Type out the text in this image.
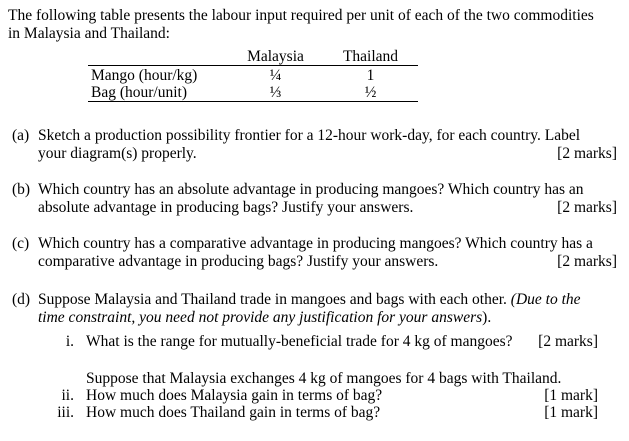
The following table presents the labour input required per unit of each of the two commodities
in Malaysia and Thailand:
	Malaysia	Thailand
Mango (hour/kg)	¼	1
Bag (hour/unit)	⅓	½
(a) Sketch a production possibility frontier for a 12-hour work-day, for each country. Label
your diagram(s) properly.	[2 marks]
(b) Which country has an absolute advantage in producing mangoes? Which country has an
absolute advantage in producing bags? Justify your answers.	[2 marks]
(c) Which country has a comparative advantage in producing mangoes? Which country has a
comparative advantage in producing bags? Justify your answers.	[2 marks]
(d) Suppose Malaysia and Thailand trade in mangoes and bags with each other. (Due to the
time constraint, you need not provide any justification for your answers).
i. What is the range for mutually-beneficial trade for 4 kg of mangoes?	[2 marks]
Suppose that Malaysia exchanges 4 kg of mangoes for 4 bags with Thailand.
ii. How much does Malaysia gain in terms of bag?	[1 mark]
iii. How much does Thailand gain in terms of bag?	[1 mark]
